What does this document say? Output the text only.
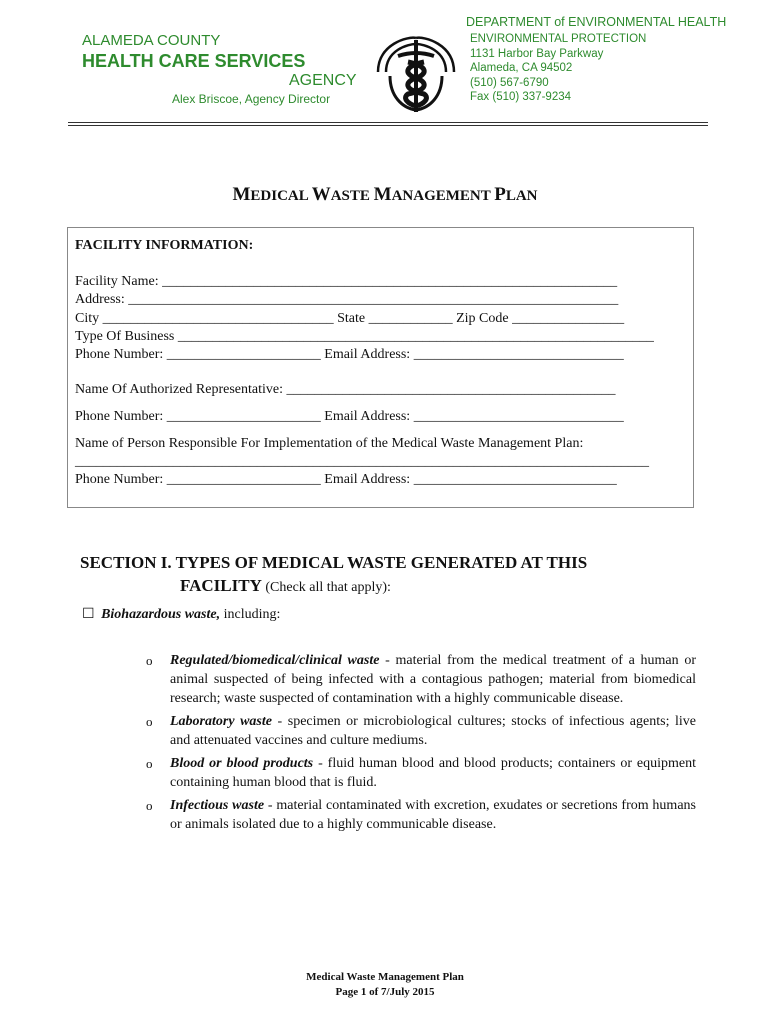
ALAMEDA COUNTY
HEALTH CARE SERVICES
AGENCY
Alex Briscoe, Agency Director
DEPARTMENT of ENVIRONMENTAL HEALTH
ENVIRONMENTAL PROTECTION
1131 Harbor Bay Parkway
Alameda, CA 94502
(510) 567-6790
Fax (510) 337-9234
MEDICAL WASTE MANAGEMENT PLAN
FACILITY INFORMATION:
Facility Name: _________________________________________________________________
Address: ______________________________________________________________________
City _________________________________ State ____________ Zip Code ________________
Type Of Business ____________________________________________________________________
Phone Number: ______________________ Email Address: ______________________________
Name Of Authorized Representative: _______________________________________________
Phone Number: ______________________ Email Address: ______________________________
Name of Person Responsible For Implementation of the Medical Waste Management Plan:
__________________________________________________________________________________
Phone Number: ______________________ Email Address: _____________________________
SECTION I. TYPES OF MEDICAL WASTE GENERATED AT THIS
FACILITY (Check all that apply):
☐ Biohazardous waste, including:
o	Regulated/biomedical/clinical waste - material from the medical treatment of a human or animal suspected of being infected with a contagious pathogen; material from biomedical research; waste suspected of contamination with a highly communicable disease.
o	Laboratory waste - specimen or microbiological cultures; stocks of infectious agents; live and attenuated vaccines and culture mediums.
o	Blood or blood products - fluid human blood and blood products; containers or equipment containing human blood that is fluid.
o	Infectious waste - material contaminated with excretion, exudates or secretions from humans or animals isolated due to a highly communicable disease.
Medical Waste Management Plan
Page 1 of 7/July 2015
